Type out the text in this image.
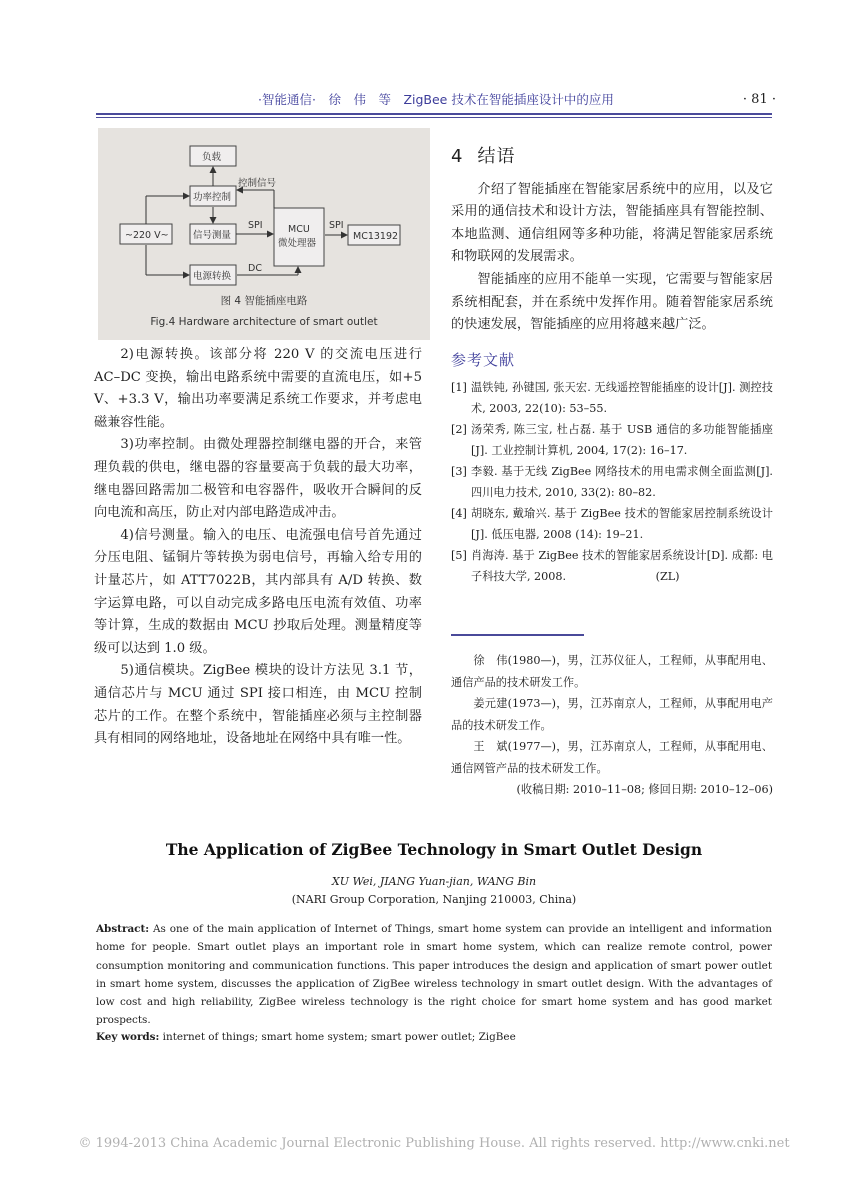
·智能通信·　徐　伟　等　ZigBee 技术在智能插座设计中的应用	· 81 ·
负载
功率控制
信号测量
电源转换
~220 V~
MCU
微处理器
MC13192
控制信号
SPI	SPI
DC
图 4 智能插座电路
Fig.4 Hardware architecture of smart outlet

2)电源转换。该部分将 220 V 的交流电压进行 AC–DC 变换，输出电路系统中需要的直流电压，如+5 V、+3.3 V，输出功率要满足系统工作要求，并考虑电磁兼容性能。

3)功率控制。由微处理器控制继电器的开合，来管理负载的供电，继电器的容量要高于负载的最大功率，继电器回路需加二极管和电容器件，吸收开合瞬间的反向电流和高压，防止对内部电路造成冲击。

4)信号测量。输入的电压、电流强电信号首先通过分压电阻、锰铜片等转换为弱电信号，再输入给专用的计量芯片，如 ATT7022B，其内部具有 A/D 转换、数字运算电路，可以自动完成多路电压电流有效值、功率等计算，生成的数据由 MCU 抄取后处理。测量精度等级可以达到 1.0 级。

5)通信模块。ZigBee 模块的设计方法见 3.1 节，通信芯片与 MCU 通过 SPI 接口相连，由 MCU 控制芯片的工作。在整个系统中，智能插座必须与主控制器具有相同的网络地址，设备地址在网络中具有唯一性。

4 结语

介绍了智能插座在智能家居系统中的应用，以及它采用的通信技术和设计方法，智能插座具有智能控制、本地监测、通信组网等多种功能，将满足智能家居系统和物联网的发展需求。

智能插座的应用不能单一实现，它需要与智能家居系统相配套，并在系统中发挥作用。随着智能家居系统的快速发展，智能插座的应用将越来越广泛。

参考文献
[1] 温铁钝, 孙键国, 张天宏. 无线遥控智能插座的设计[J]. 测控技术, 2003, 22(10): 53–55.
[2] 汤荣秀, 陈三宝, 杜占磊. 基于 USB 通信的多功能智能插座[J]. 工业控制计算机, 2004, 17(2): 16–17.
[3] 李毅. 基于无线 ZigBee 网络技术的用电需求侧全面监测[J]. 四川电力技术, 2010, 33(2): 80–82.
[4] 胡晓东, 戴瑜兴. 基于 ZigBee 技术的智能家居控制系统设计[J]. 低压电器, 2008 (14): 19–21.
[5] 肖海涛. 基于 ZigBee 技术的智能家居系统设计[D]. 成都: 电子科技大学, 2008.　　　　　　　　(ZL)

徐　伟(1980—)，男，江苏仪征人，工程师，从事配用电、通信产品的技术研发工作。

姜元建(1973—)，男，江苏南京人，工程师，从事配用电产品的技术研发工作。

王　斌(1977—)，男，江苏南京人，工程师，从事配用电、通信网管产品的技术研发工作。

(收稿日期: 2010–11–08; 修回日期: 2010–12–06)
The Application of ZigBee Technology in Smart Outlet Design
XU Wei, JIANG Yuan-jian, WANG Bin
(NARI Group Corporation, Nanjing 210003, China)
Abstract: As one of the main application of Internet of Things, smart home system can provide an intelligent and information home for people. Smart outlet plays an important role in smart home system, which can realize remote control, power consumption monitoring and communication functions. This paper introduces the design and application of smart power outlet in smart home system, discusses the application of ZigBee wireless technology in smart outlet design. With the advantages of low cost and high reliability, ZigBee wireless technology is the right choice for smart home system and has good market prospects.
Key words: internet of things; smart home system; smart power outlet; ZigBee
© 1994-2013 China Academic Journal Electronic Publishing House. All rights reserved. http://www.cnki.net
